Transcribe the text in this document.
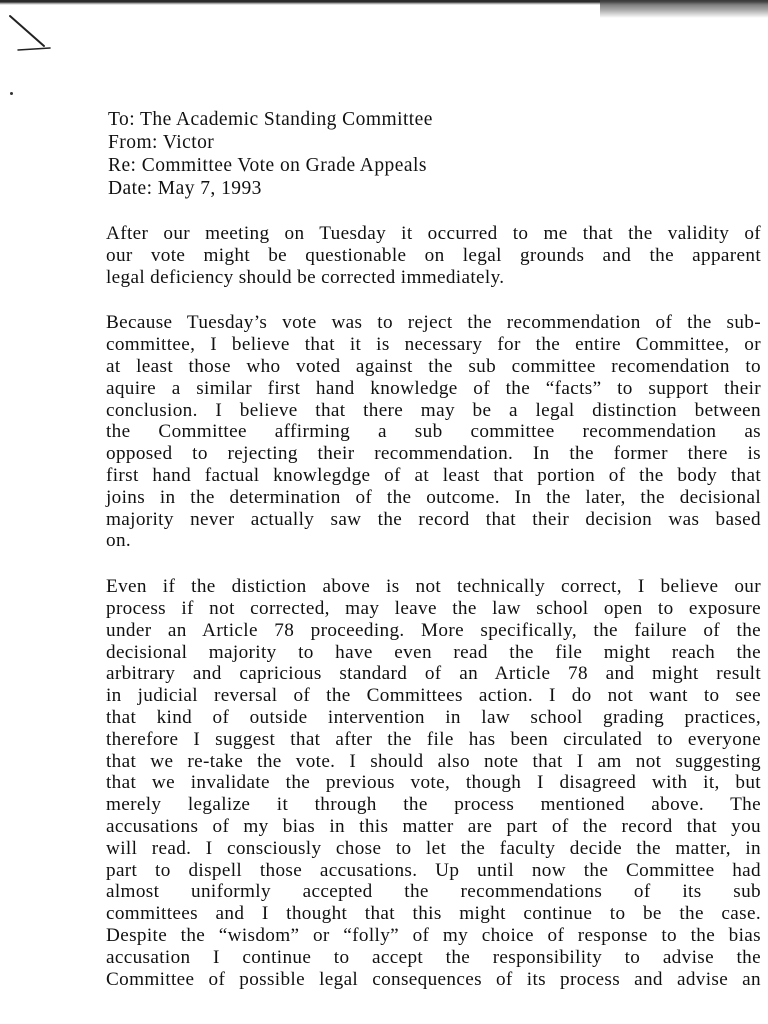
To: The Academic Standing Committee
From: Victor
Re: Committee Vote on Grade Appeals
Date: May 7, 1993
After our meeting on Tuesday it occurred to me that the validity of
our vote might be questionable on legal grounds and the apparent
legal deficiency should be corrected immediately.
Because Tuesday’s vote was to reject the recommendation of the sub-
committee, I believe that it is necessary for the entire Committee, or
at least those who voted against the sub committee recomendation to
aquire a similar first hand knowledge of the “facts” to support their
conclusion. I believe that there may be a legal distinction between
the Committee affirming a sub committee recommendation as
opposed to rejecting their recommendation. In the former there is
first hand factual knowlegdge of at least that portion of the body that
joins in the determination of the outcome. In the later, the decisional
majority never actually saw the record that their decision was based
on.
Even if the distiction above is not technically correct, I believe our
process if not corrected, may leave the law school open to exposure
under an Article 78 proceeding. More specifically, the failure of the
decisional majority to have even read the file might reach the
arbitrary and capricious standard of an Article 78 and might result
in judicial reversal of the Committees action. I do not want to see
that kind of outside intervention in law school grading practices,
therefore I suggest that after the file has been circulated to everyone
that we re-take the vote. I should also note that I am not suggesting
that we invalidate the previous vote, though I disagreed with it, but
merely legalize it through the process mentioned above. The
accusations of my bias in this matter are part of the record that you
will read. I consciously chose to let the faculty decide the matter, in
part to dispell those accusations. Up until now the Committee had
almost uniformly accepted the recommendations of its sub
committees and I thought that this might continue to be the case.
Despite the “wisdom” or “folly” of my choice of response to the bias
accusation I continue to accept the responsibility to advise the
Committee of possible legal consequences of its process and advise an
